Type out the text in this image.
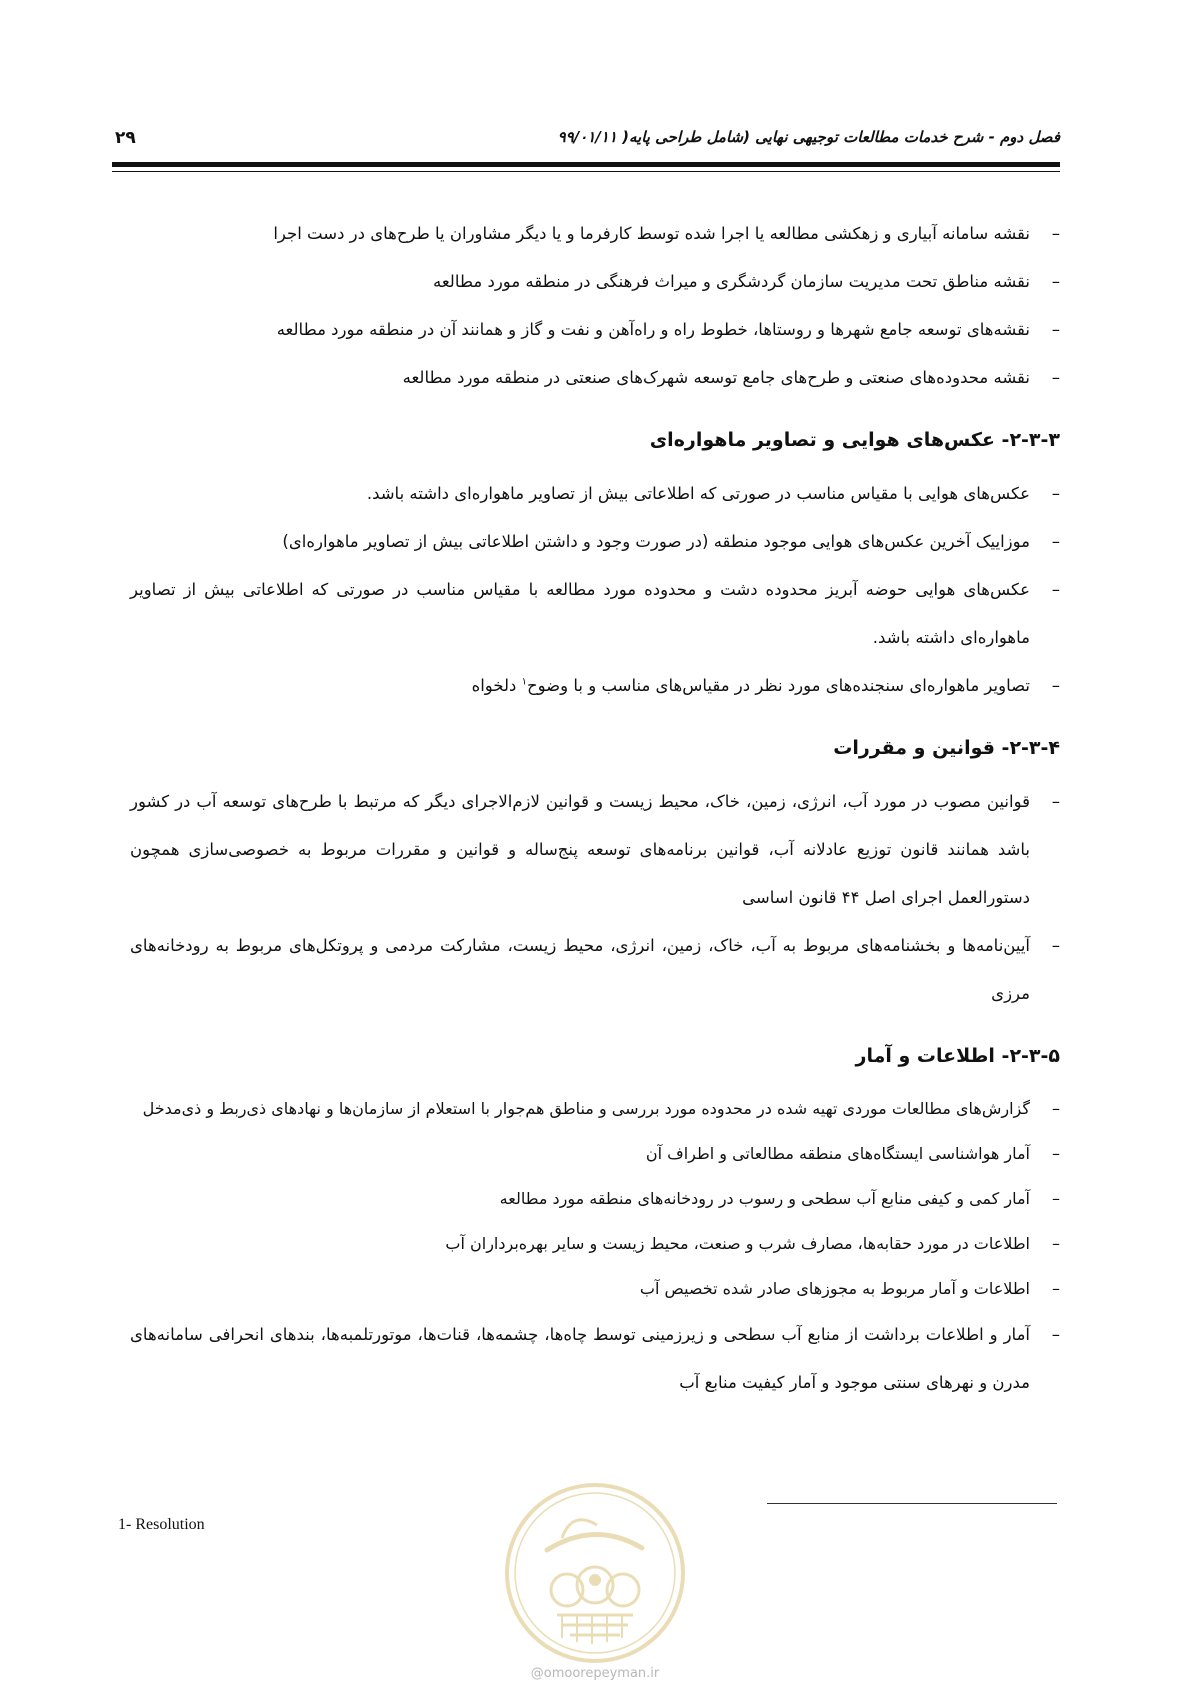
فصل دوم - شرح خدمات مطالعات توجیهی نهایی (شامل طراحی پایه( ۹۹/۰۱/۱۱
۲۹
–
نقشه سامانه آبیاری و زهکشی مطالعه یا اجرا شده توسط کارفرما و یا دیگر مشاوران یا طرح‌های در دست اجرا
–
نقشه مناطق تحت مدیریت سازمان گردشگری و میراث فرهنگی در منطقه مورد مطالعه
–
نقشه‌های توسعه جامع شهرها و روستاها، خطوط راه و راه‌آهن و نفت و گاز و همانند آن در منطقه مورد مطالعه
–
نقشه محدوده‌های صنعتی و طرح‌های جامع توسعه شهرک‌های صنعتی در منطقه مورد مطالعه
۲-۳-۳- عکس‌های هوایی و تصاویر ماهواره‌ای
–
عکس‌های هوایی با مقیاس مناسب در صورتی که اطلاعاتی بیش از تصاویر ماهواره‌ای داشته باشد.
–
موزاییک آخرین عکس‌های هوایی موجود منطقه (در صورت وجود و داشتن اطلاعاتی بیش از تصاویر ماهواره‌ای)
–
عکس‌های هوایی حوضه آبریز محدوده دشت و محدوده مورد مطالعه با مقیاس مناسب در صورتی که اطلاعاتی بیش از تصاویر ماهواره‌ای داشته باشد.
–
تصاویر ماهواره‌ای سنجنده‌های مورد نظر در مقیاس‌های مناسب و با وضوح$^۱$ دلخواه
۲-۳-۴- قوانین و مقررات
–
قوانین مصوب در مورد آب، انرژی، زمین، خاک، محیط زیست و قوانین لازم‌الاجرای دیگر که مرتبط با طرح‌های توسعه آب در کشور باشد همانند قانون توزیع عادلانه آب، قوانین برنامه‌های توسعه پنج‌ساله و قوانین و مقررات مربوط به خصوصی‌سازی همچون دستورالعمل اجرای اصل ۴۴ قانون اساسی
–
آیین‌نامه‌ها و بخشنامه‌های مربوط به آب، خاک، زمین، انرژی، محیط زیست، مشارکت مردمی و پروتکل‌های مربوط به رودخانه‌های مرزی
۲-۳-۵- اطلاعات و آمار
–
گزارش‌های مطالعات موردی تهیه شده در محدوده مورد بررسی و مناطق هم‌جوار با استعلام از سازمان‌ها و نهادهای ذی‌ربط و ذی‌مدخل
–
آمار هواشناسی ایستگاه‌های منطقه مطالعاتی و اطراف آن
–
آمار کمی و کیفی منابع آب سطحی و رسوب در رودخانه‌های منطقه مورد مطالعه
–
اطلاعات در مورد حقابه‌ها، مصارف شرب و صنعت، محیط زیست و سایر بهره‌برداران آب
–
اطلاعات و آمار مربوط به مجوزهای صادر شده تخصیص آب
–
آمار و اطلاعات برداشت از منابع آب سطحی و زیرزمینی توسط چاه‌ها، چشمه‌ها، قنات‌ها، موتورتلمبه‌ها، بندهای انحرافی سامانه‌های مدرن و نهرهای سنتی موجود و آمار کیفیت منابع آب
1- Resolution
@omoorepeyman.ir
